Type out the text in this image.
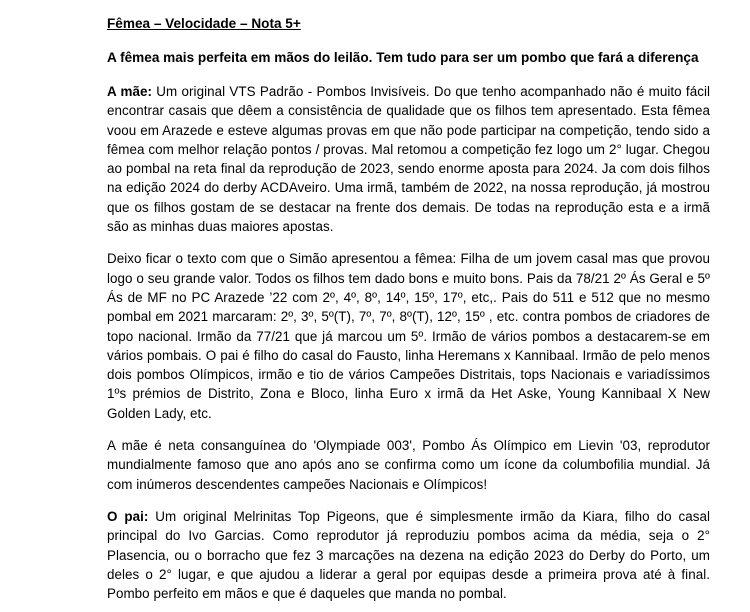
Fêmea – Velocidade – Nota 5+
A fêmea mais perfeita em mãos do leilão. Tem tudo para ser um pombo que fará a diferença

A mãe: Um original VTS Padrão - Pombos Invisíveis. Do que tenho acompanhado não é muito fácil encontrar casais que dêem a consistência de qualidade que os filhos tem apresentado. Esta fêmea voou em Arazede e esteve algumas provas em que não pode participar na competição, tendo sido a fêmea com melhor relação pontos / provas. Mal retomou a competição fez logo um 2° lugar. Chegou ao pombal na reta final da reprodução de 2023, sendo enorme aposta para 2024. Ja com dois filhos na edição 2024 do derby ACDAveiro. Uma irmã, também de 2022, na nossa reprodução, já mostrou que os filhos gostam de se destacar na frente dos demais. De todas na reprodução esta e a irmã são as minhas duas maiores apostas.

Deixo ficar o texto com que o Simão apresentou a fêmea: Filha de um jovem casal mas que provou logo o seu grande valor. Todos os filhos tem dado bons e muito bons. Pais da 78/21 2º Ás Geral e 5º Ás de MF no PC Arazede ’22 com 2º, 4º, 8º, 14º, 15º, 17º, etc,. Pais do 511 e 512 que no mesmo pombal em 2021 marcaram: 2º, 3º, 5º(T), 7º, 7º, 8º(T), 12º, 15º , etc. contra pombos de criadores de topo nacional. Irmão da 77/21 que já marcou um 5º. Irmão de vários pombos a destacarem-se em vários pombais. O pai é filho do casal do Fausto, linha Heremans x Kannibaal. Irmão de pelo menos dois pombos Olímpicos, irmão e tio de vários Campeões Distritais, tops Nacionais e variadíssimos 1ºs prémios de Distrito, Zona e Bloco, linha Euro x irmã da Het Aske, Young Kannibaal X New Golden Lady, etc.

A mãe é neta consanguínea do 'Olympiade 003', Pombo Ás Olímpico em Lievin '03, reprodutor mundialmente famoso que ano após ano se confirma como um ícone da columbofilia mundial. Já com inúmeros descendentes campeões Nacionais e Olímpicos!

O pai: Um original Melrinitas Top Pigeons, que é simplesmente irmão da Kiara, filho do casal principal do Ivo Garcias. Como reprodutor já reproduziu pombos acima da média, seja o 2° Plasencia, ou o borracho que fez 3 marcações na dezena na edição 2023 do Derby do Porto, um deles o 2° lugar, e que ajudou a liderar a geral por equipas desde a primeira prova até à final. Pombo perfeito em mãos e que é daqueles que manda no pombal.
